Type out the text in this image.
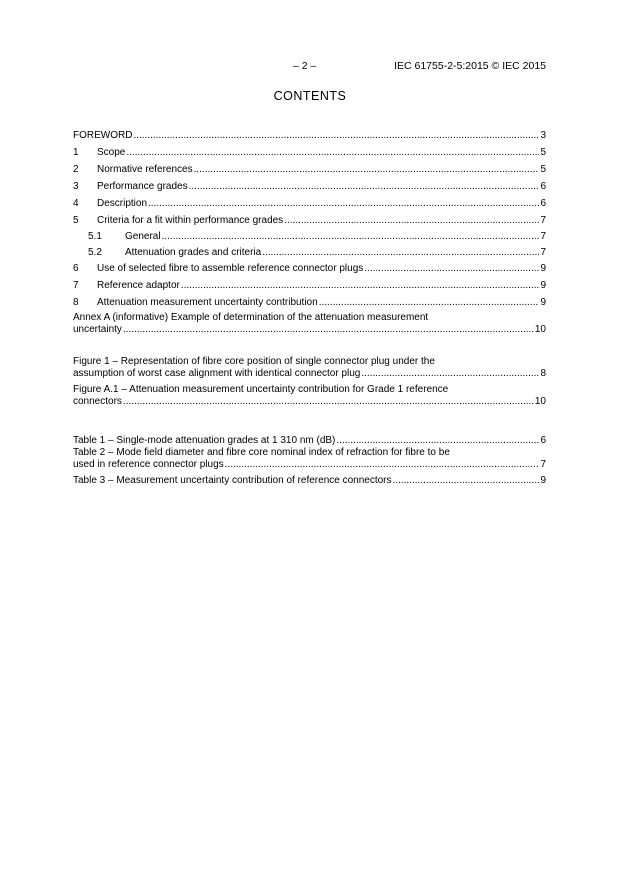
– 2 –	IEC 61755-2-5:2015 © IEC 2015
CONTENTS
FOREWORD .....	3
1	Scope .....	5
2	Normative references .....	5
3	Performance grades .....	6
4	Description .....	6
5	Criteria for a fit within performance grades .....	7
5.1	General .....	7
5.2	Attenuation grades and criteria .....	7
6	Use of selected fibre to assemble reference connector plugs .....	9
7	Reference adaptor .....	9
8	Attenuation measurement uncertainty contribution .....	9
Annex A (informative) Example of determination of the attenuation measurement
uncertainty .....	10
Figure 1 – Representation of fibre core position of single connector plug under the
assumption of worst case alignment with identical connector plug .....	8
Figure A.1 – Attenuation measurement uncertainty contribution for Grade 1 reference
connectors .....	10
Table 1 – Single-mode attenuation grades at 1 310 nm (dB) .....	6
Table 2 – Mode field diameter and fibre core nominal index of refraction for fibre to be
used in reference connector plugs .....	7
Table 3 – Measurement uncertainty contribution of reference connectors .....	9
